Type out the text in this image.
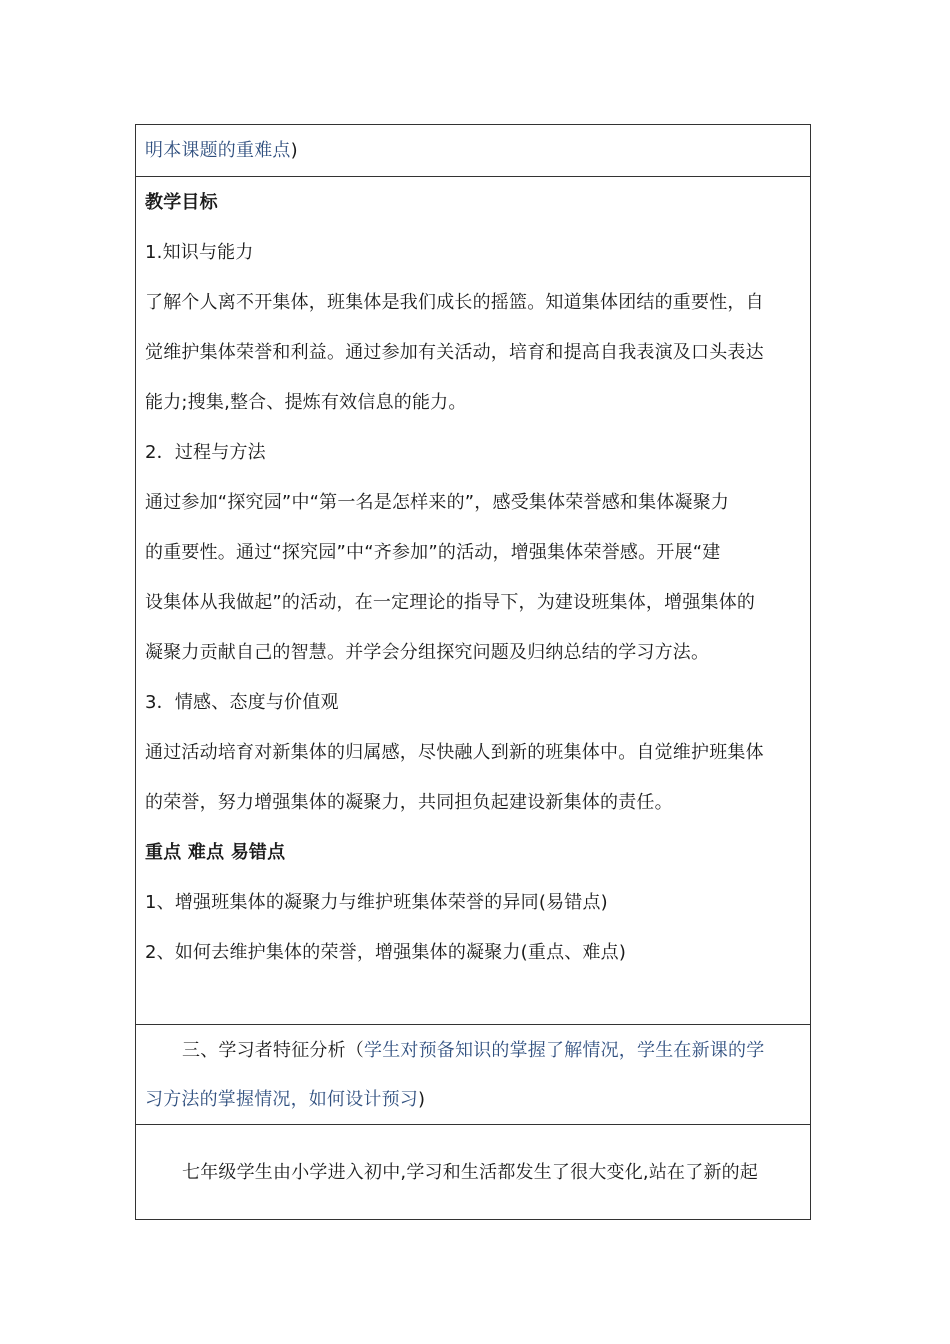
明本课题的重难点)
教学目标
1.知识与能力
了解个人离不开集体，班集体是我们成长的摇篮。知道集体团结的重要性，自
觉维护集体荣誉和利益。通过参加有关活动，培育和提高自我表演及口头表达
能力;搜集,整合、提炼有效信息的能力。
2．过程与方法
通过参加“探究园”中“第一名是怎样来的”，感受集体荣誉感和集体凝聚力
的重要性。通过“探究园”中“齐参加”的活动，增强集体荣誉感。开展“建
设集体从我做起”的活动，在一定理论的指导下，为建设班集体，增强集体的
凝聚力贡献自己的智慧。并学会分组探究问题及归纳总结的学习方法。
3．情感、态度与价值观
通过活动培育对新集体的归属感，尽快融人到新的班集体中。自觉维护班集体
的荣誉，努力增强集体的凝聚力，共同担负起建设新集体的责任。
重点 难点 易错点
1、增强班集体的凝聚力与维护班集体荣誉的异同(易错点)
2、如何去维护集体的荣誉，增强集体的凝聚力(重点、难点)
三、学习者特征分析（学生对预备知识的掌握了解情况，学生在新课的学
习方法的掌握情况，如何设计预习)
七年级学生由小学进入初中,学习和生活都发生了很大变化,站在了新的起
